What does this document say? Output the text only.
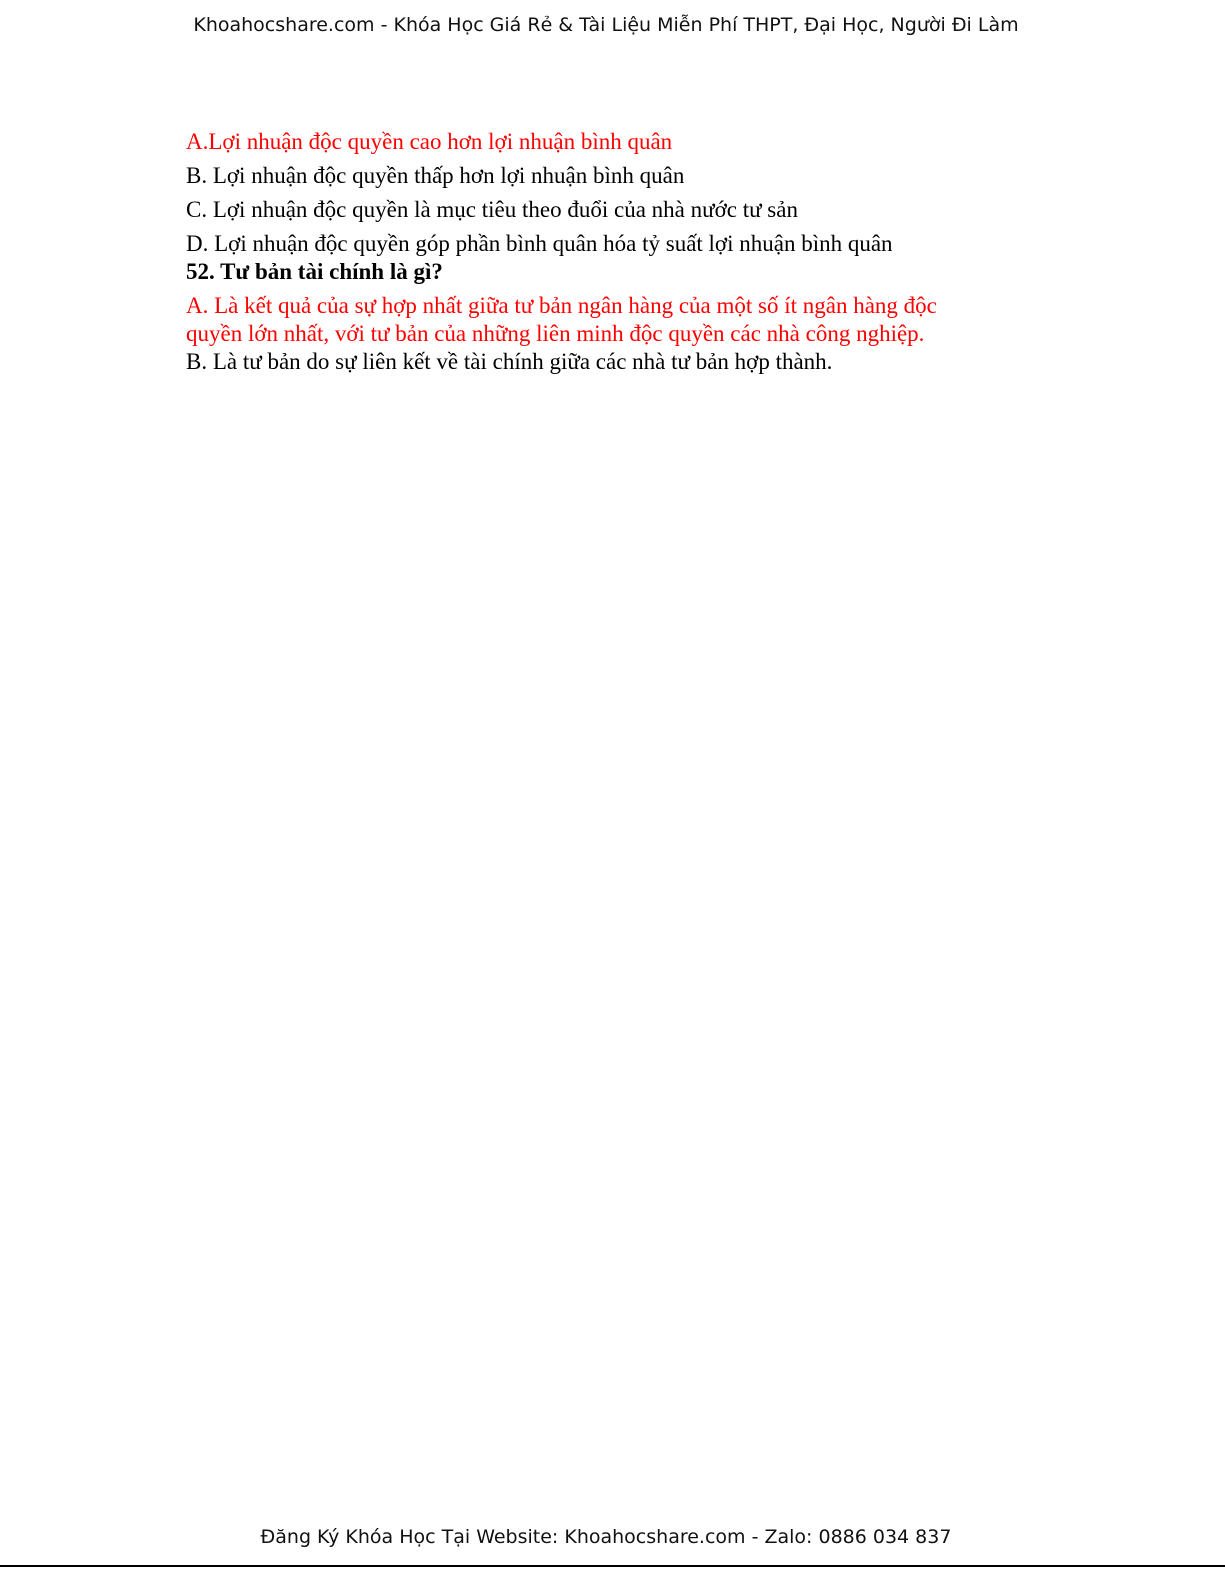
Khoahocshare.com - Khóa Học Giá Rẻ & Tài Liệu Miễn Phí THPT, Đại Học, Người Đi Làm
A.Lợi nhuận độc quyền cao hơn lợi nhuận bình quân
B. Lợi nhuận độc quyền thấp hơn lợi nhuận bình quân
C. Lợi nhuận độc quyền là mục tiêu theo đuổi của nhà nước tư sản
D. Lợi nhuận độc quyền góp phần bình quân hóa tỷ suất lợi nhuận bình quân
52. Tư bản tài chính là gì?
A. Là kết quả của sự hợp nhất giữa tư bản ngân hàng của một số ít ngân hàng độc
quyền lớn nhất, với tư bản của những liên minh độc quyền các nhà công nghiệp.
B. Là tư bản do sự liên kết về tài chính giữa các nhà tư bản hợp thành.
Đăng Ký Khóa Học Tại Website: Khoahocshare.com - Zalo: 0886 034 837
